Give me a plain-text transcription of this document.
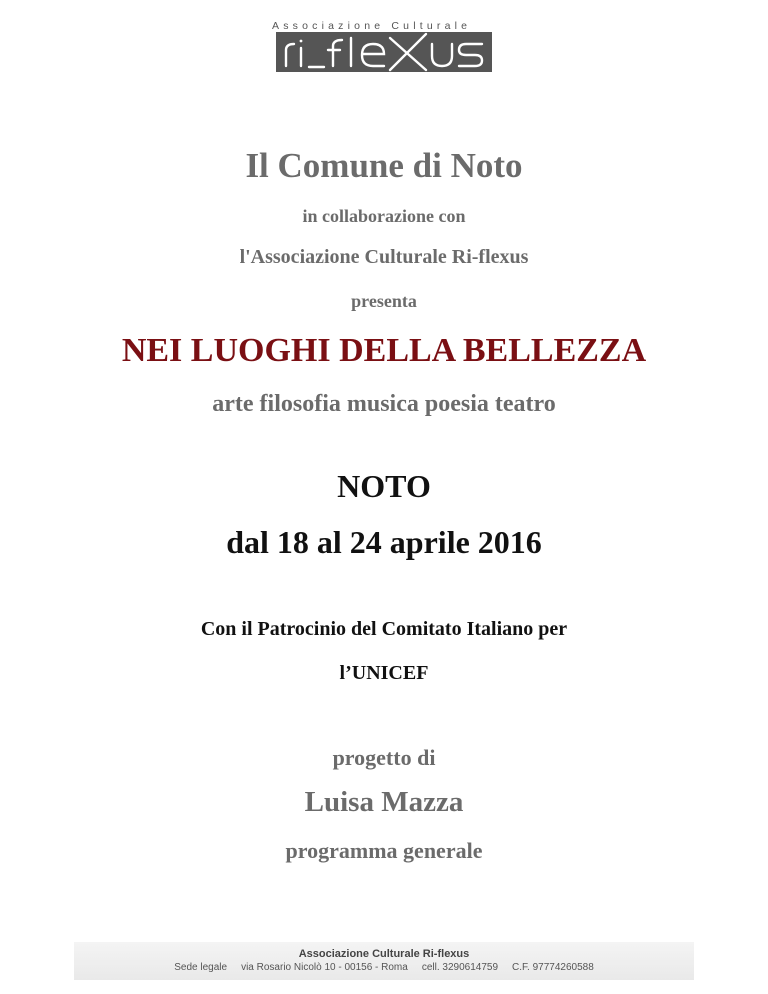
Associazione Culturale
Il Comune di Noto
in collaborazione con
l'Associazione Culturale Ri-flexus
presenta
NEI LUOGHI DELLA BELLEZZA
arte filosofia musica poesia teatro
NOTO
dal 18 al 24 aprile 2016
Con il Patrocinio del Comitato Italiano per
l’UNICEF
progetto di
Luisa Mazza
programma generale
Associazione Culturale Ri-flexus
Sede legale via Rosario Nicolò 10 - 00156 - Roma cell. 3290614759 C.F. 97774260588
